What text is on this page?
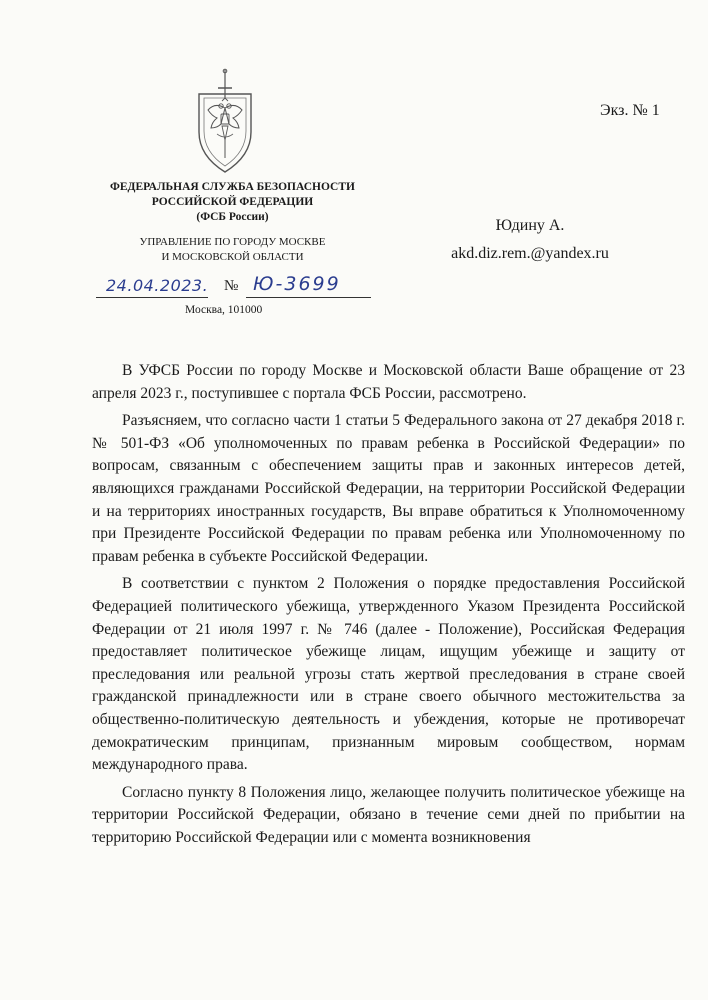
Экз. № 1
ФЕДЕРАЛЬНАЯ СЛУЖБА БЕЗОПАСНОСТИ
РОССИЙСКОЙ ФЕДЕРАЦИИ
(ФСБ России)
УПРАВЛЕНИЕ ПО ГОРОДУ МОСКВЕ
И МОСКОВСКОЙ ОБЛАСТИ
Юдину А.
akd.diz.rem.@yandex.ru
24.04.2023. № Ю-3699
Москва, 101000

В УФСБ России по городу Москве и Московской области Ваше обращение от 23 апреля 2023 г., поступившее с портала ФСБ России, рассмотрено.

Разъясняем, что согласно части 1 статьи 5 Федерального закона от 27 декабря 2018 г. № 501-ФЗ «Об уполномоченных по правам ребенка в Российской Федерации» по вопросам, связанным с обеспечением защиты прав и законных интересов детей, являющихся гражданами Российской Федерации, на территории Российской Федерации и на территориях иностранных государств, Вы вправе обратиться к Уполномоченному при Президенте Российской Федерации по правам ребенка или Уполномоченному по правам ребенка в субъекте Российской Федерации.

В соответствии с пунктом 2 Положения о порядке предоставления Российской Федерацией политического убежища, утвержденного Указом Президента Российской Федерации от 21 июля 1997 г. № 746 (далее - Положение), Российская Федерация предоставляет политическое убежище лицам, ищущим убежище и защиту от преследования или реальной угрозы стать жертвой преследования в стране своей гражданской принадлежности или в стране своего обычного местожительства за общественно-политическую деятельность и убеждения, которые не противоречат демократическим принципам, признанным мировым сообществом, нормам международного права.

Согласно пункту 8 Положения лицо, желающее получить политическое убежище на территории Российской Федерации, обязано в течение семи дней по прибытии на территорию Российской Федерации или с момента возникновения
